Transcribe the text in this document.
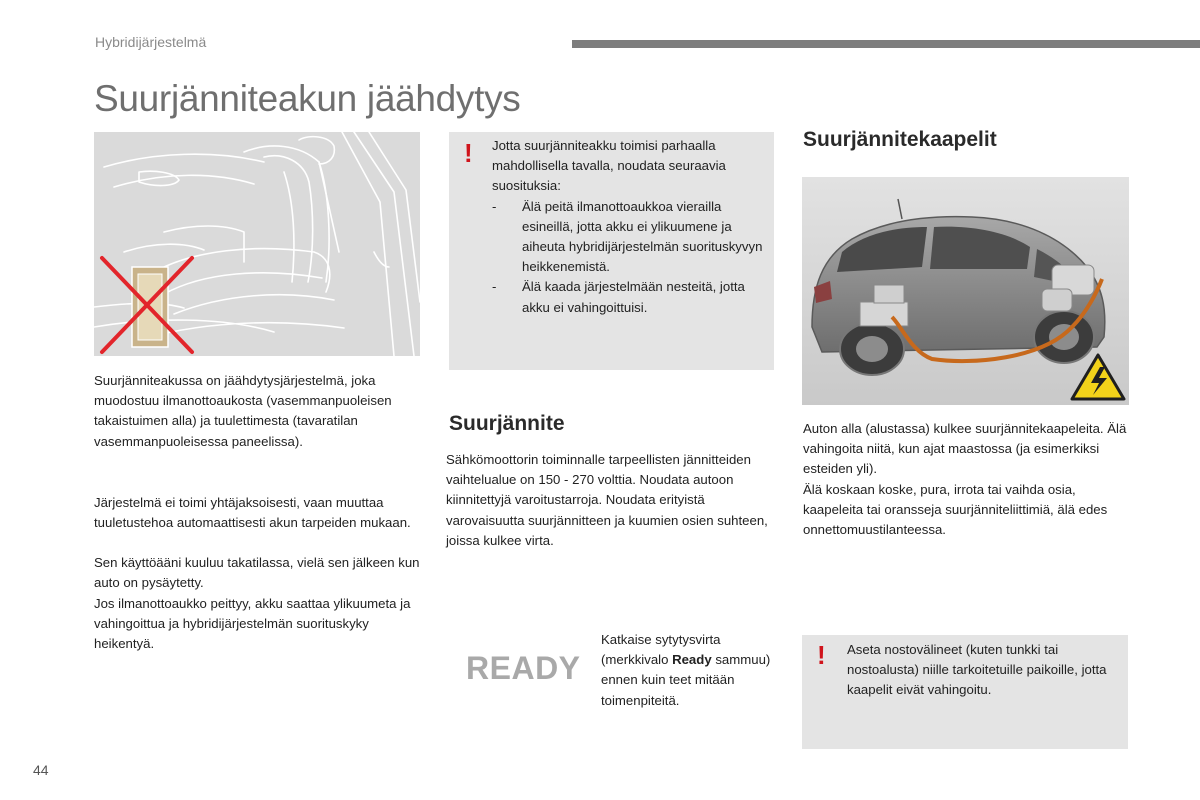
Hybridijärjestelmä
Suurjänniteakun jäähdytys

Suurjänniteakussa on jäähdytysjärjestelmä, joka muodostuu ilmanottoaukosta (vasemmanpuoleisen takaistuimen alla) ja tuulettimesta (tavaratilan vasemmanpuoleisessa paneelissa).

Järjestelmä ei toimi yhtäjaksoisesti, vaan muuttaa tuuletustehoa automaattisesti akun tarpeiden mukaan.

Sen käyttöääni kuuluu takatilassa, vielä sen jälkeen kun auto on pysäytetty.

Jos ilmanottoaukko peittyy, akku saattaa ylikuumeta ja vahingoittua ja hybridijärjestelmän suorituskyky heikentyä.

! Jotta suurjänniteakku toimisi parhaalla mahdollisella tavalla, noudata seuraavia suosituksia:

- Älä peitä ilmanottoaukkoa vierailla esineillä, jotta akku ei ylikuumene ja aiheuta hybridijärjestelmän suorituskyvyn heikkenemistä.
- Älä kaada järjestelmään nesteitä, jotta akku ei vahingoittuisi.
Suurjännite

Sähkömoottorin toiminnalle tarpeellisten jännitteiden vaihtelualue on 150 - 270 volttia. Noudata autoon kiinnitettyjä varoitustarroja. Noudata erityistä varovaisuutta suurjännitteen ja kuumien osien suhteen, joissa kulkee virta.

READY

Katkaise sytytysvirta (merkkivalo Ready sammuu) ennen kuin teet mitään toimenpiteitä.

Suurjännitekaapelit

Auton alla (alustassa) kulkee suurjännitekaapeleita. Älä vahingoita niitä, kun ajat maastossa (ja esimerkiksi esteiden yli).

Älä koskaan koske, pura, irrota tai vaihda osia, kaapeleita tai oransseja suurjänniteliittimiä, älä edes onnettomuustilanteessa.

! Aseta nostovälineet (kuten tunkki tai nostoalusta) niille tarkoitetuille paikoille, jotta kaapelit eivät vahingoitu.

44
